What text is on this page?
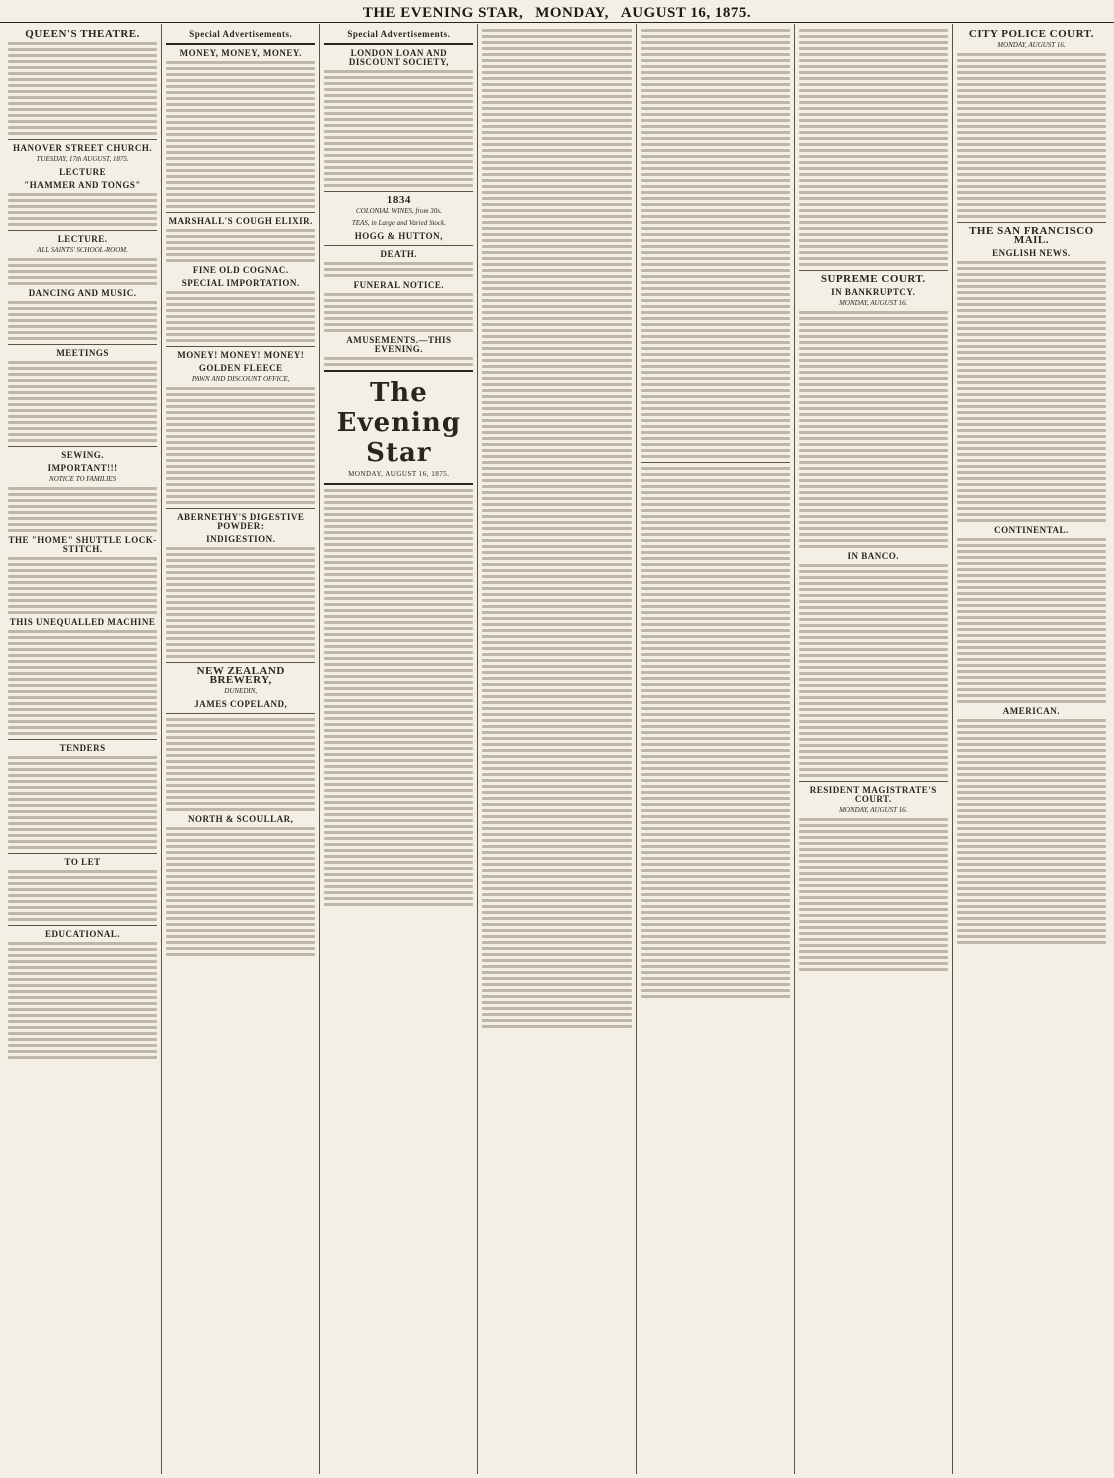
THE EVENING STAR, MONDAY, AUGUST 16, 1875.
QUEEN'S THEATRE.
HANOVER STREET CHURCH.
TUESDAY, 17th AUGUST, 1875.
LECTURE
"HAMMER AND TONGS"
LECTURE.
ALL SAINTS' SCHOOL-ROOM.
DANCING AND MUSIC.
MEETINGS
SEWING.
IMPORTANT!!!
NOTICE TO FAMILIES
THE "HOME" SHUTTLE LOCK-STITCH.
THIS UNEQUALLED MACHINE
TENDERS
TO LET
EDUCATIONAL.
Special Advertisements.
MONEY, MONEY, MONEY.
MARSHALL'S COUGH ELIXIR.
FINE OLD COGNAC.
SPECIAL IMPORTATION.
MONEY! MONEY! MONEY!
GOLDEN FLEECE
PAWN AND DISCOUNT OFFICE,
ABERNETHY'S DIGESTIVE POWDER:
INDIGESTION.
NEW ZEALAND BREWERY,
DUNEDIN,
JAMES COPELAND,
NORTH & SCOULLAR,
Special Advertisements.
LONDON LOAN AND DISCOUNT SOCIETY,
1834
COLONIAL WINES, from 30s.
TEAS, in Large and Varied Stock.
HOGG & HUTTON,
DEATH.
FUNERAL NOTICE.
AMUSEMENTS.—THIS EVENING.
The Evening Star
MONDAY, AUGUST 16, 1875.
SUPREME COURT.
IN BANKRUPTCY.
MONDAY, AUGUST 16.
IN BANCO.
RESIDENT MAGISTRATE'S COURT.
MONDAY, AUGUST 16.
CITY POLICE COURT.
MONDAY, AUGUST 16.
THE SAN FRANCISCO MAIL.
ENGLISH NEWS.
CONTINENTAL.
AMERICAN.
